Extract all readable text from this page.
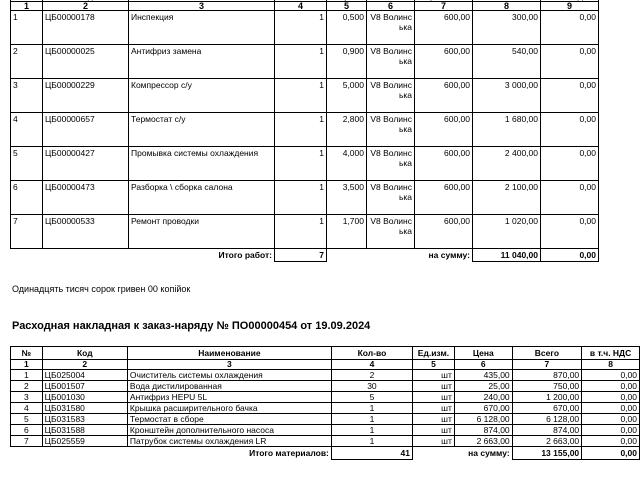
1	2	3	4	5	6	7	8	9
1	ЦБ00000178	Инспекция	1	0,500	V8 Волинська	600,00	300,00	0,00
2	ЦБ00000025	Антифриз замена	1	0,900	V8 Волинська	600,00	540,00	0,00
3	ЦБ00000229	Компрессор с/у	1	5,000	V8 Волинська	600,00	3 000,00	0,00
4	ЦБ00000657	Термостат с/у	1	2,800	V8 Волинська	600,00	1 680,00	0,00
5	ЦБ00000427	Промывка системы охлаждения	1	4,000	V8 Волинська	600,00	2 400,00	0,00
6	ЦБ00000473	Разборка \ сборка салона	1	3,500	V8 Волинська	600,00	2 100,00	0,00
7	ЦБ00000533	Ремонт проводки	1	1,700	V8 Волинська	600,00	1 020,00	0,00
		Итого работ:	7			на сумму:	11 040,00	0,00
Одинадцять тисяч сорок гривен 00 копійок
Расходная накладная к заказ-наряду № ПО00000454 от 19.09.2024
№	Код	Наименование	Кол-во	Ед.изм.	Цена	Всего	в т.ч. НДС
1	2	3	4	5	6	7	8
1	ЦБ025004	Очиститель системы охлаждения	2	шт	435,00	870,00	0,00
2	ЦБ001507	Вода дистилированная	30	шт	25,00	750,00	0,00
3	ЦБ001030	Антифриз HEPU 5L	5	шт	240,00	1 200,00	0,00
4	ЦБ031580	Крышка расширительного бачка	1	шт	670,00	670,00	0,00
5	ЦБ031583	Термостат в сборе	1	шт	6 128,00	6 128,00	0,00
6	ЦБ031588	Кронштейн дополнительного насоса	1	шт	874,00	874,00	0,00
7	ЦБ025559	Патрубок системы охлаждения LR	1	шт	2 663,00	2 663,00	0,00
		Итого материалов:	41		на сумму:	13 155,00	0,00
